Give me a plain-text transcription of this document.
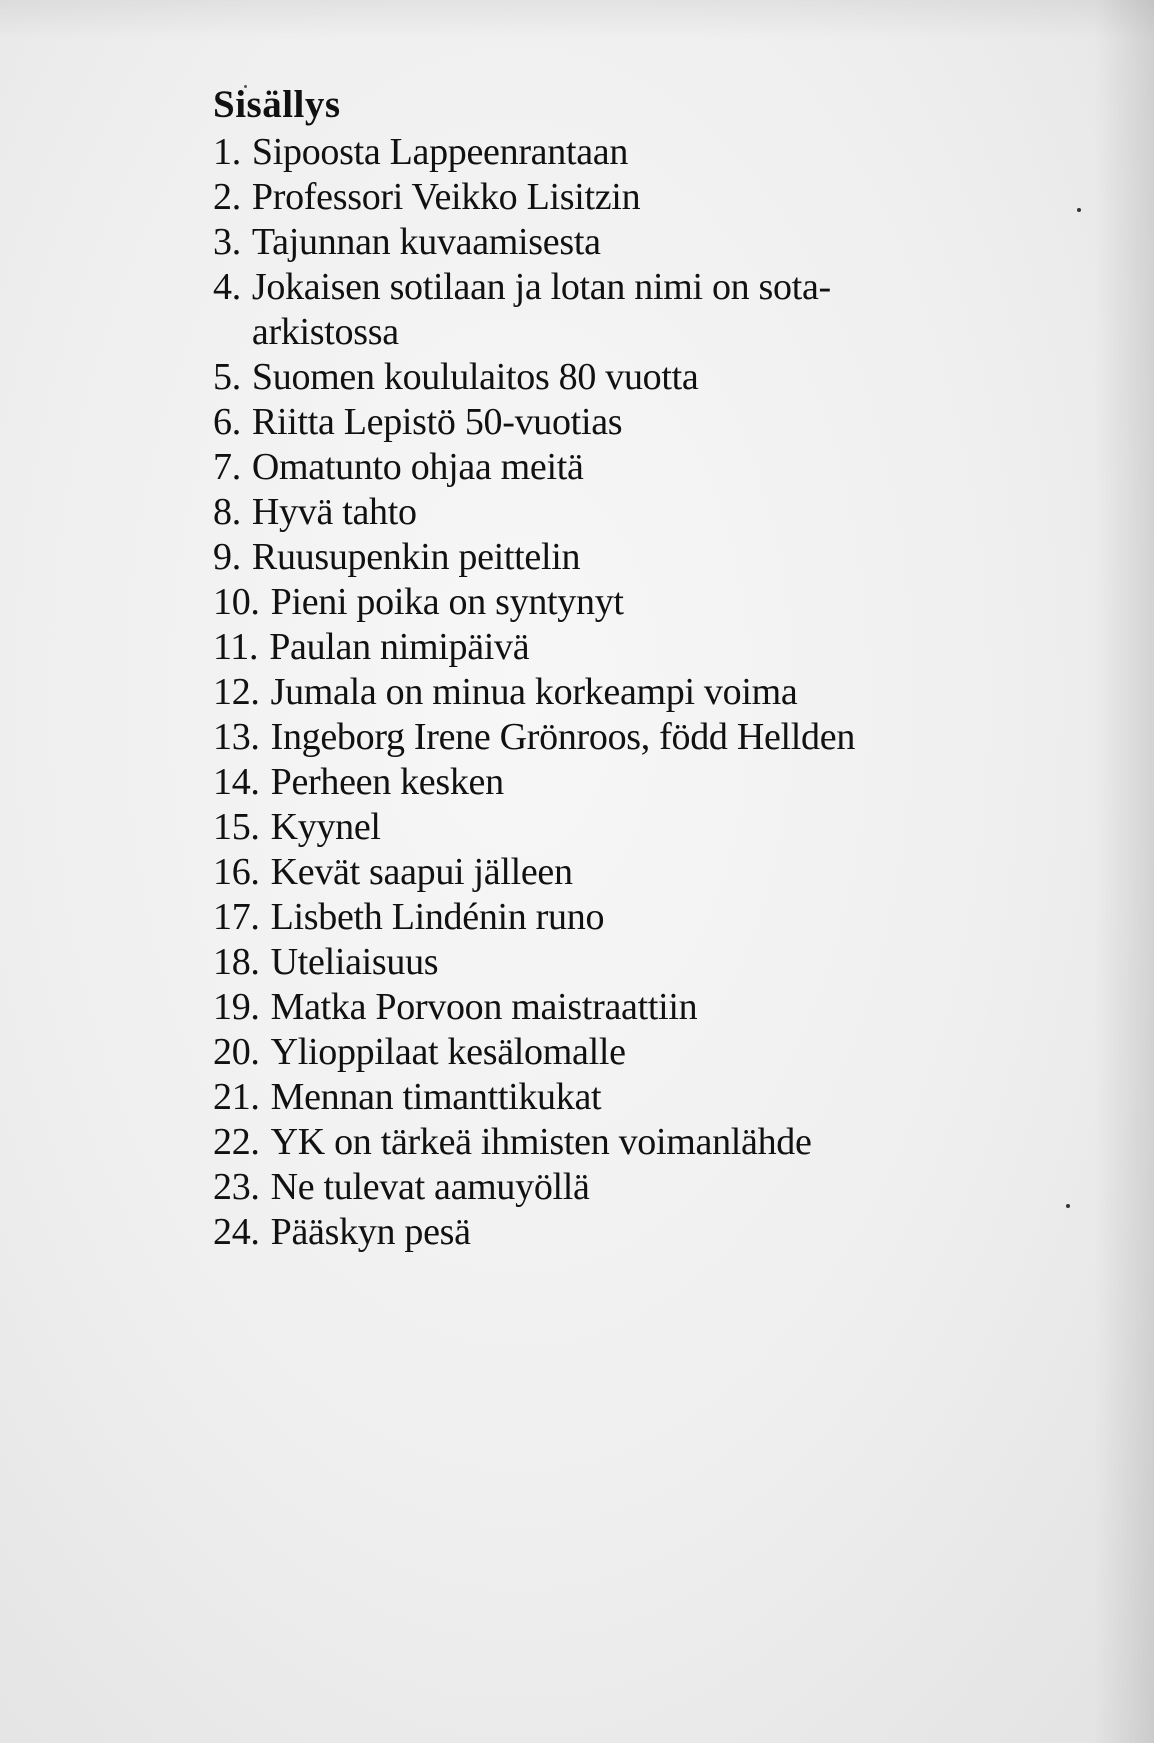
Sisällys
1. Sipoosta Lappeenrantaan
2. Professori Veikko Lisitzin
3. Tajunnan kuvaamisesta
4. Jokaisen sotilaan ja lotan nimi on sota-
arkistossa
5. Suomen koululaitos 80 vuotta
6. Riitta Lepistö 50-vuotias
7. Omatunto ohjaa meitä
8. Hyvä tahto
9. Ruusupenkin peittelin
10. Pieni poika on syntynyt
11. Paulan nimipäivä
12. Jumala on minua korkeampi voima
13. Ingeborg Irene Grönroos, född Hellden
14. Perheen kesken
15. Kyynel
16. Kevät saapui jälleen
17. Lisbeth Lindénin runo
18. Uteliaisuus
19. Matka Porvoon maistraattiin
20. Ylioppilaat kesälomalle
21. Mennan timanttikukat
22. YK on tärkeä ihmisten voimanlähde
23. Ne tulevat aamuyöllä
24. Pääskyn pesä
